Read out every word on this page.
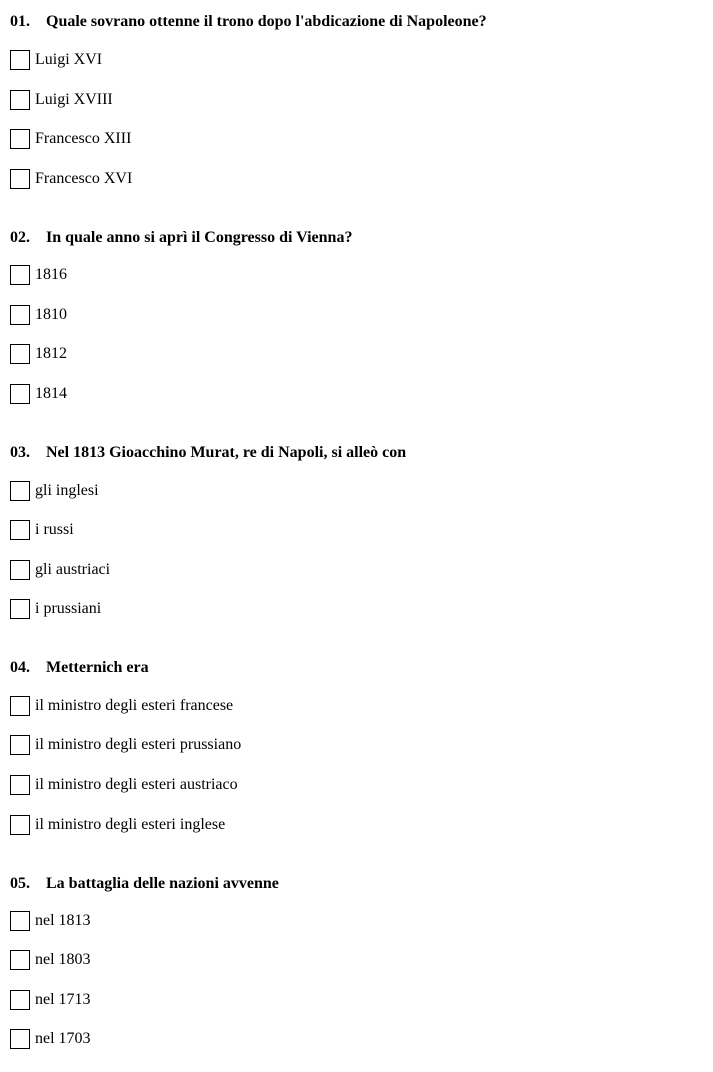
01. Quale sovrano ottenne il trono dopo l'abdicazione di Napoleone?
Luigi XVI
Luigi XVIII
Francesco XIII
Francesco XVI
02. In quale anno si aprì il Congresso di Vienna?
1816
1810
1812
1814
03. Nel 1813 Gioacchino Murat, re di Napoli, si alleò con
gli inglesi
i russi
gli austriaci
i prussiani
04. Metternich era
il ministro degli esteri francese
il ministro degli esteri prussiano
il ministro degli esteri austriaco
il ministro degli esteri inglese
05. La battaglia delle nazioni avvenne
nel 1813
nel 1803
nel 1713
nel 1703
